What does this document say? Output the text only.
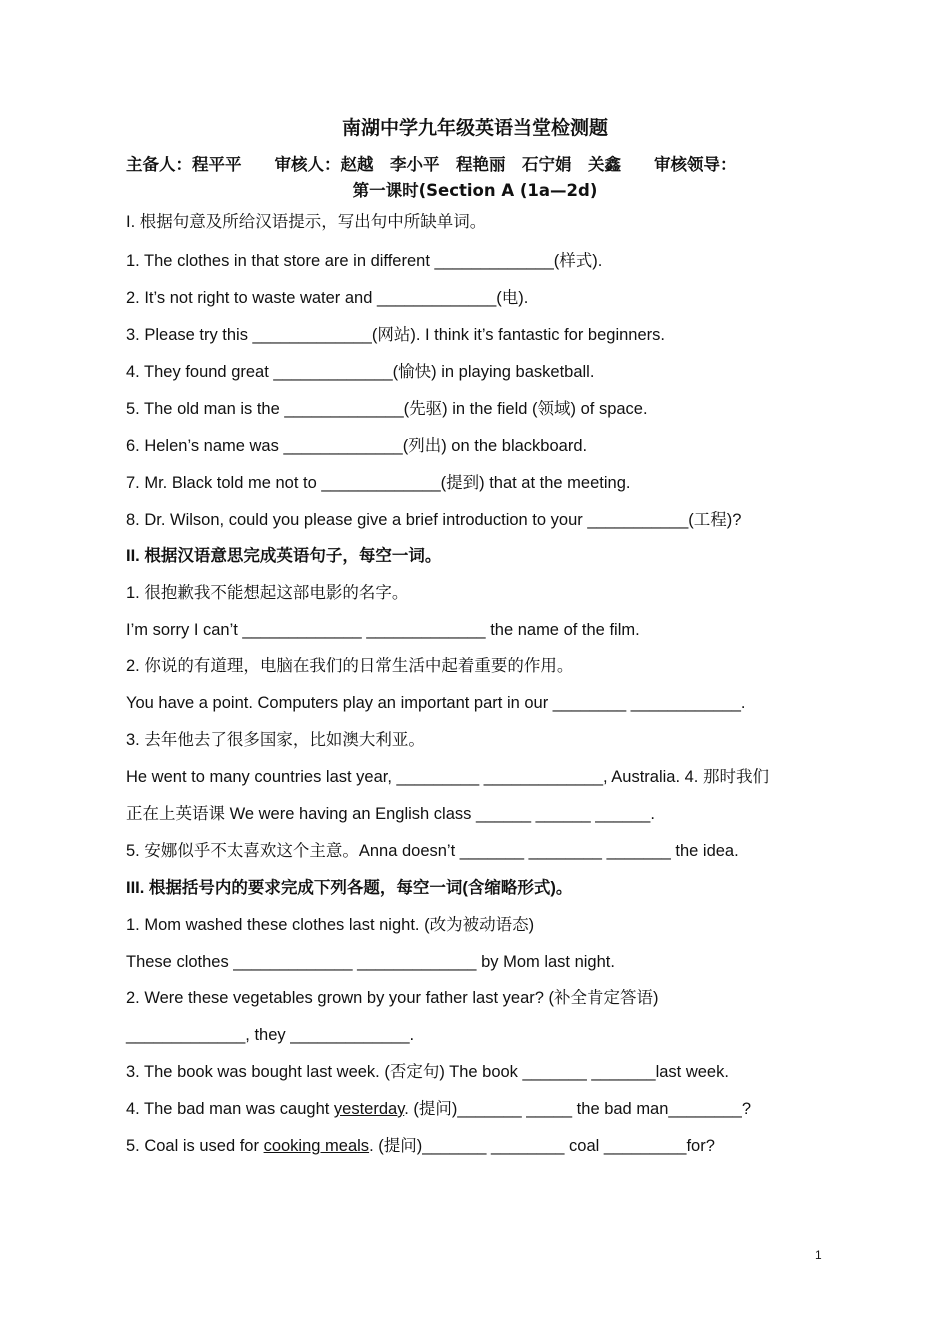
南湖中学九年级英语当堂检测题
主备人：程平平　　审核人：赵越　李小平　程艳丽　石宁娟　关鑫　　审核领导：
第一课时(Section A (1a—2d)
I. 根据句意及所给汉语提示，写出句中所缺单词。
1. The clothes in that store are in different _____________(样式).
2. It’s not right to waste water and _____________(电).
3. Please try this _____________(网站). I think it’s fantastic for beginners.
4. They found great _____________(愉快) in playing basketball.
5. The old man is the _____________(先驱) in the field (领域) of space.
6. Helen’s name was _____________(列出) on the blackboard.
7. Mr. Black told me not to _____________(提到) that at the meeting.
8. Dr. Wilson, could you please give a brief introduction to your ___________(工程)?
II. 根据汉语意思完成英语句子，每空一词。
1. 很抱歉我不能想起这部电影的名字。
I’m sorry I can’t _____________ _____________ the name of the film.
2. 你说的有道理，电脑在我们的日常生活中起着重要的作用。
You have a point. Computers play an important part in our ________ ____________.
3. 去年他去了很多国家，比如澳大利亚。
He went to many countries last year, _________ _____________, Australia. 4. 那时我们
正在上英语课 We were having an English class ______ ______ ______.
5. 安娜似乎不太喜欢这个主意。Anna doesn’t _______ ________ _______ the idea.
III. 根据括号内的要求完成下列各题，每空一词(含缩略形式)。
1. Mom washed these clothes last night. (改为被动语态)
These clothes _____________ _____________ by Mom last night.
2. Were these vegetables grown by your father last year? (补全肯定答语)
_____________, they _____________.
3. The book was bought last week. (否定句) The book _______ _______last week.
4. The bad man was caught yesterday. (提问)_______ _____ the bad man________?
5. Coal is used for cooking meals. (提问)_______ ________ coal _________for?
1
